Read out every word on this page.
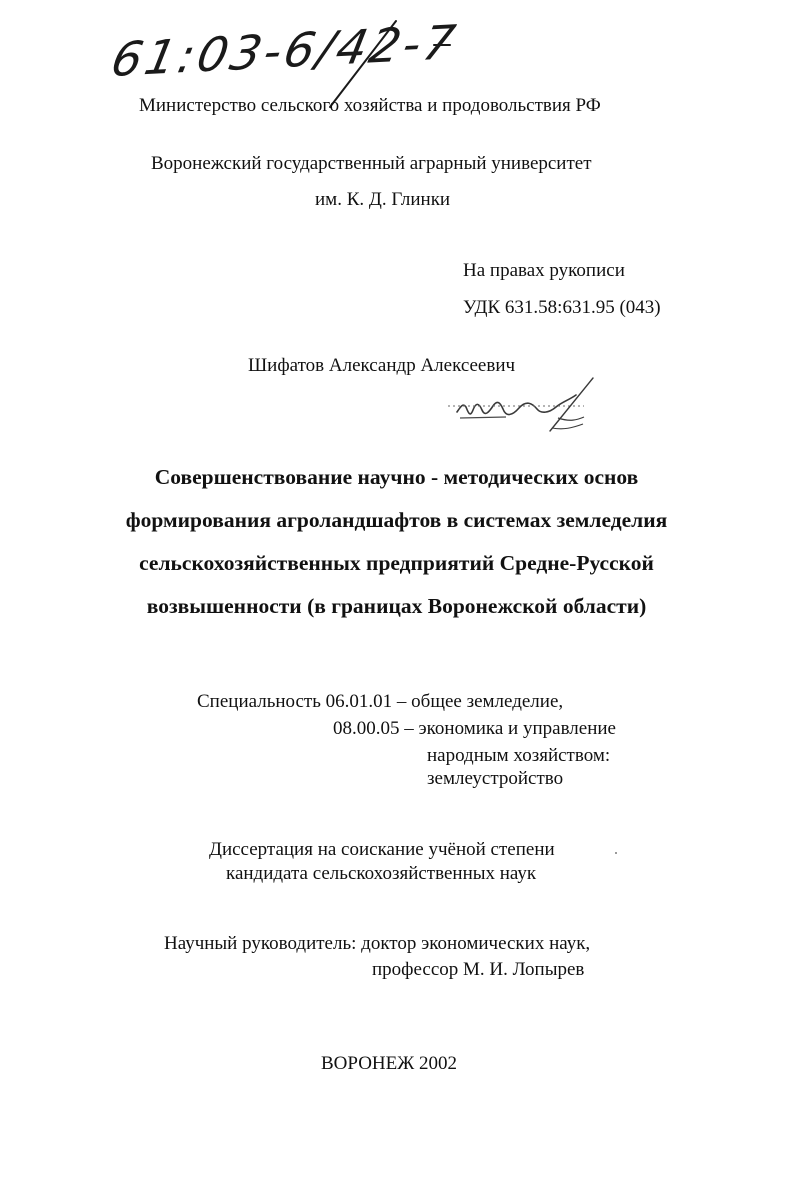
61:03-6/42-7
Министерство сельского хозяйства и продовольствия РФ
Воронежский государственный аграрный университет
им. К. Д. Глинки
На правах рукописи
УДК 631.58:631.95 (043)
Шифатов Александр Алексеевич
Совершенствование научно - методических основ
формирования агроландшафтов в системах земледелия
сельскохозяйственных предприятий Средне-Русской
возвышенности (в границах Воронежской области)
Специальность 06.01.01 – общее земледелие,
08.00.05 – экономика и управление
народным хозяйством:
землеустройство
Диссертация на соискание учёной степени
кандидата сельскохозяйственных наук
Научный руководитель: доктор экономических наук,
профессор М. И. Лопырев
ВОРОНЕЖ 2002
